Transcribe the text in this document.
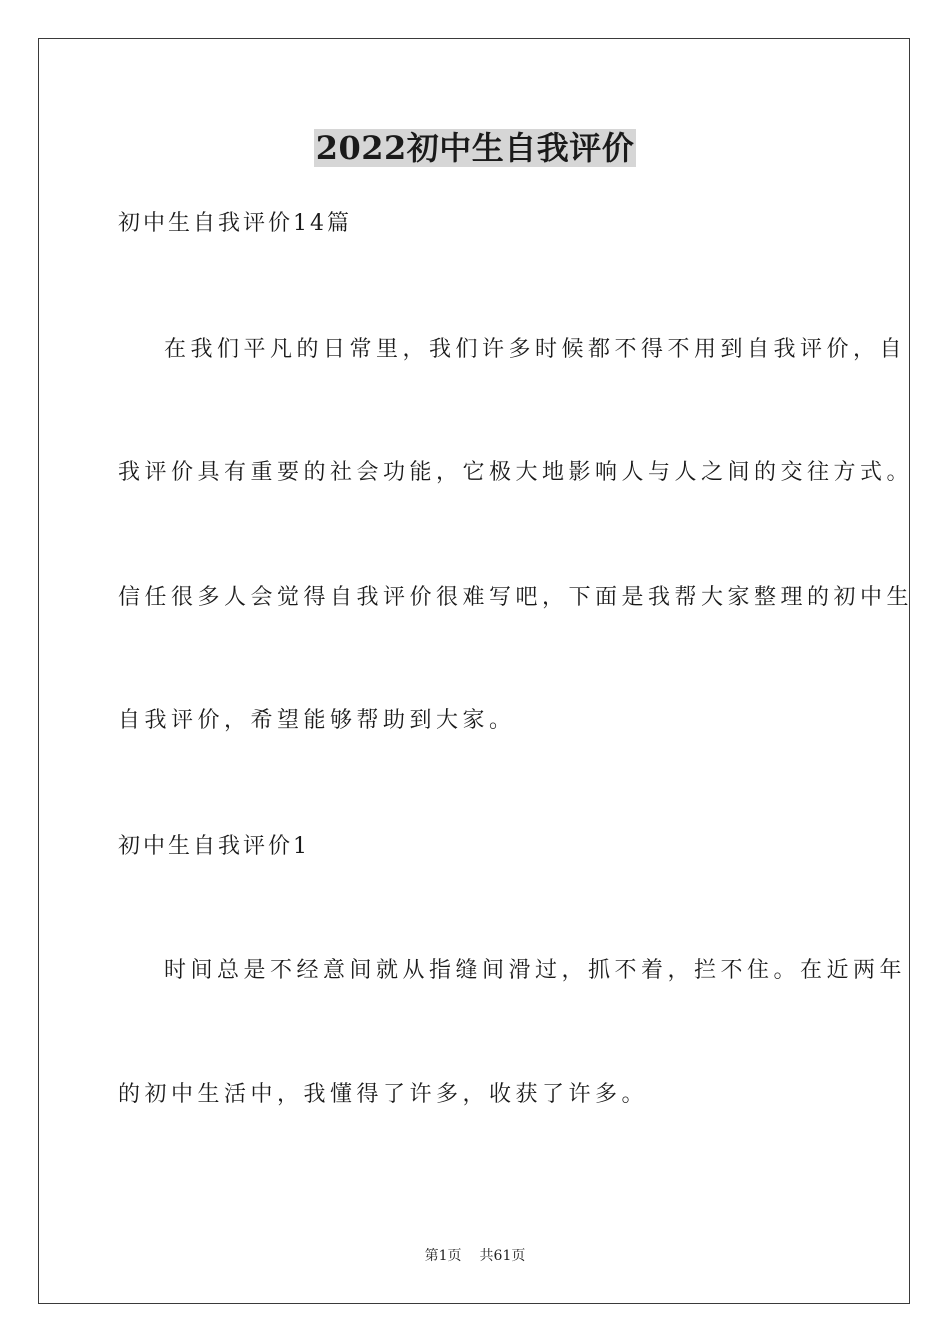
2022初中生自我评价
初中生自我评价14篇
在我们平凡的日常里，我们许多时候都不得不用到自我评价，自
我评价具有重要的社会功能，它极大地影响人与人之间的交往方式。
信任很多人会觉得自我评价很难写吧，下面是我帮大家整理的初中生
自我评价，希望能够帮助到大家。
初中生自我评价1
时间总是不经意间就从指缝间滑过，抓不着，拦不住。在近两年
的初中生活中，我懂得了许多，收获了许多。
第1页 共61页
